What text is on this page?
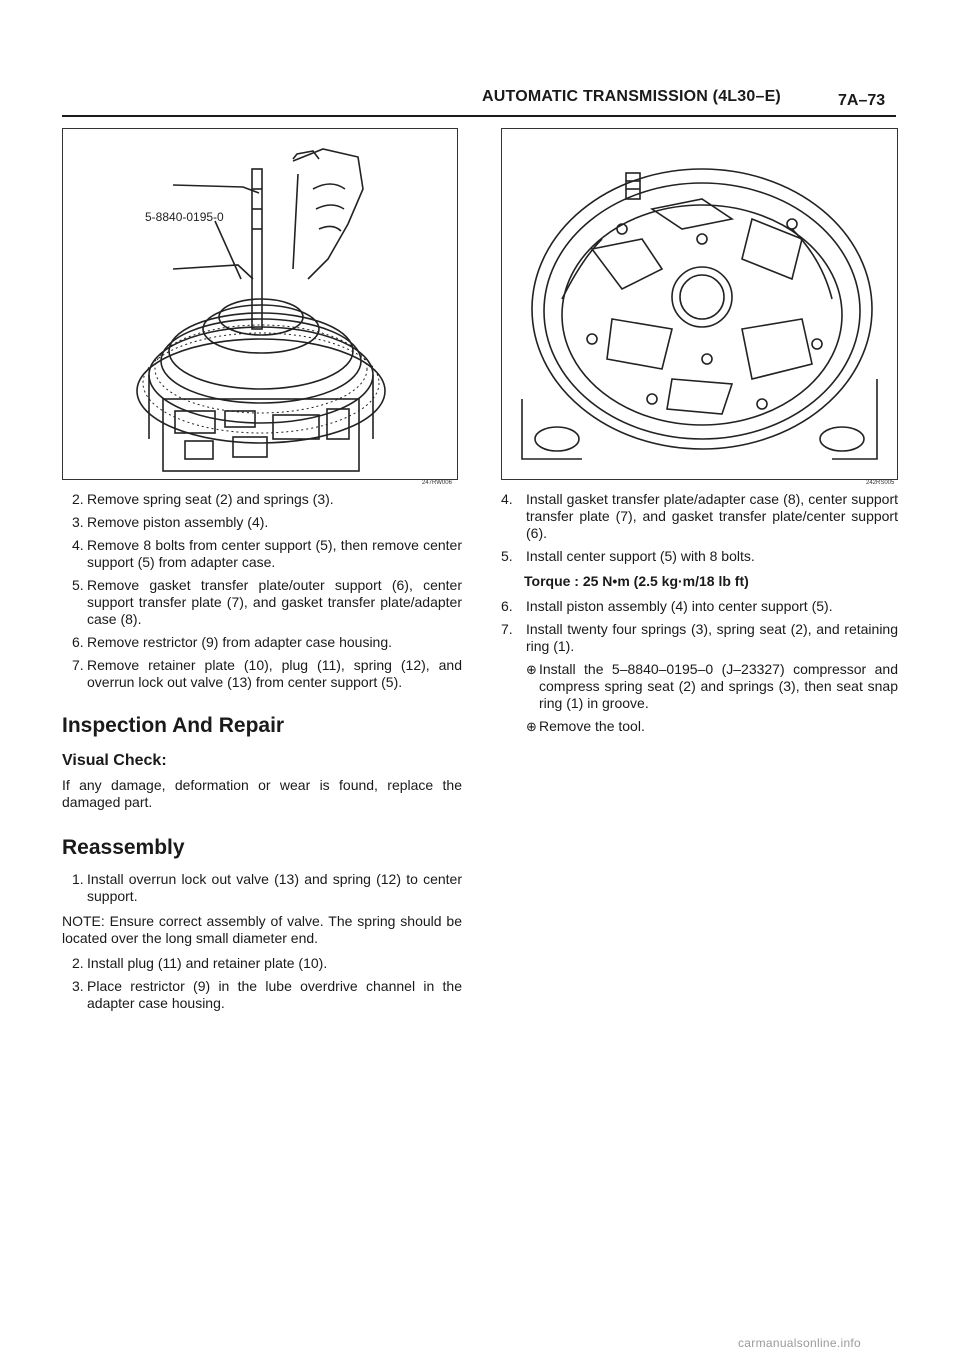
AUTOMATIC TRANSMISSION (4L30–E)	7A–73
5-8840-0195-0
247RW006	242RS005
2. Remove spring seat (2) and springs (3).
3. Remove piston assembly (4).
4. Remove 8 bolts from center support (5), then remove center support (5) from adapter case.
5. Remove gasket transfer plate/outer support (6), center support transfer plate (7), and gasket transfer plate/adapter case (8).
6. Remove restrictor (9) from adapter case housing.
7. Remove retainer plate (10), plug (11), spring (12), and overrun lock out valve (13) from center support (5).
Inspection And Repair
Visual Check:

If any damage, deformation or wear is found, replace the damaged part.

Reassembly
1. Install overrun lock out valve (13) and spring (12) to center support.

NOTE: Ensure correct assembly of valve. The spring should be located over the long small diameter end.

2. Install plug (11) and retainer plate (10).
3. Place restrictor (9) in the lube overdrive channel in the adapter case housing.
4. Install gasket transfer plate/adapter case (8), center support transfer plate (7), and gasket transfer plate/center support (6).
5. Install center support (5) with 8 bolts.
Torque : 25 N•m (2.5 kg·m/18 lb ft)
6. Install piston assembly (4) into center support (5).
7. Install twenty four springs (3), spring seat (2), and retaining ring (1).
⊕ Install the 5–8840–0195–0 (J–23327) compressor and compress spring seat (2) and springs (3), then seat snap ring (1) in groove.
⊕ Remove the tool.
carmanualsonline.info
